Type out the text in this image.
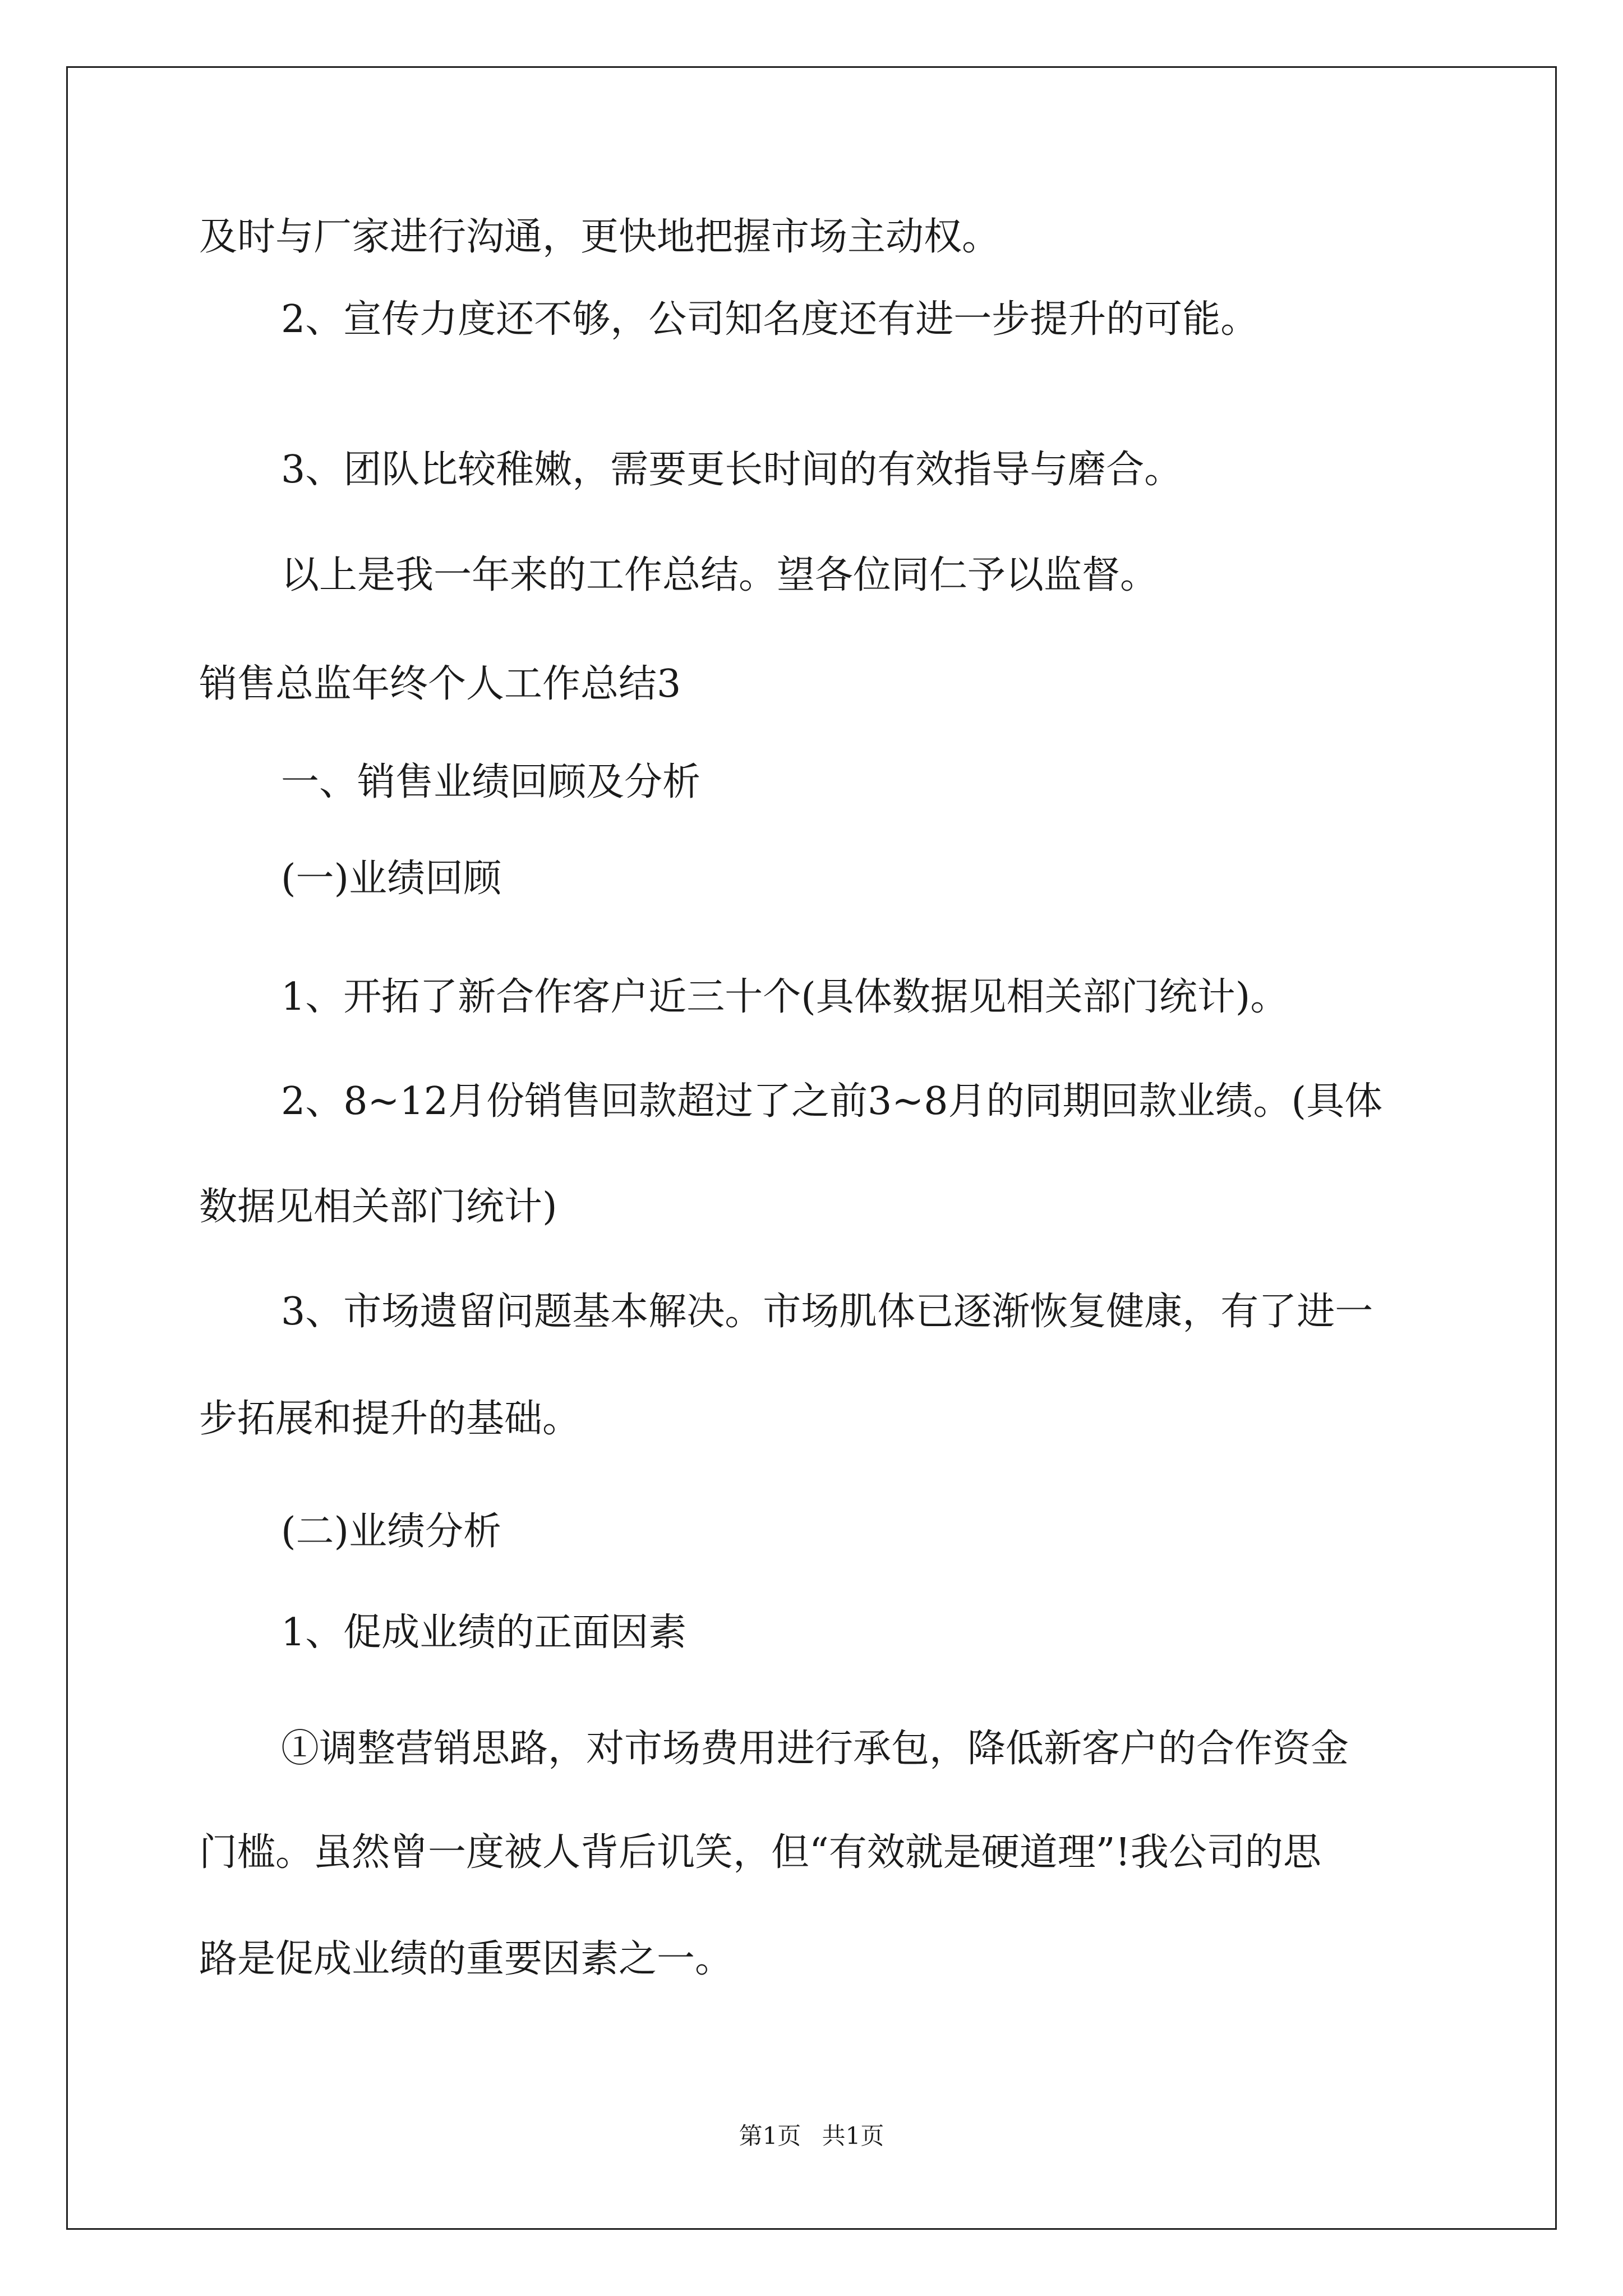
及时与厂家进行沟通，更快地把握市场主动权。
2、宣传力度还不够，公司知名度还有进一步提升的可能。
3、团队比较稚嫩，需要更长时间的有效指导与磨合。
以上是我一年来的工作总结。望各位同仁予以监督。
销售总监年终个人工作总结3
一、销售业绩回顾及分析
(一)业绩回顾
1、开拓了新合作客户近三十个(具体数据见相关部门统计)。
2、8~12月份销售回款超过了之前3~8月的同期回款业绩。(具体
数据见相关部门统计)
3、市场遗留问题基本解决。市场肌体已逐渐恢复健康，有了进一
步拓展和提升的基础。
(二)业绩分析
1、促成业绩的正面因素
①调整营销思路，对市场费用进行承包，降低新客户的合作资金
门槛。虽然曾一度被人背后讥笑，但“有效就是硬道理”!我公司的思
路是促成业绩的重要因素之一。
第1页 共1页
